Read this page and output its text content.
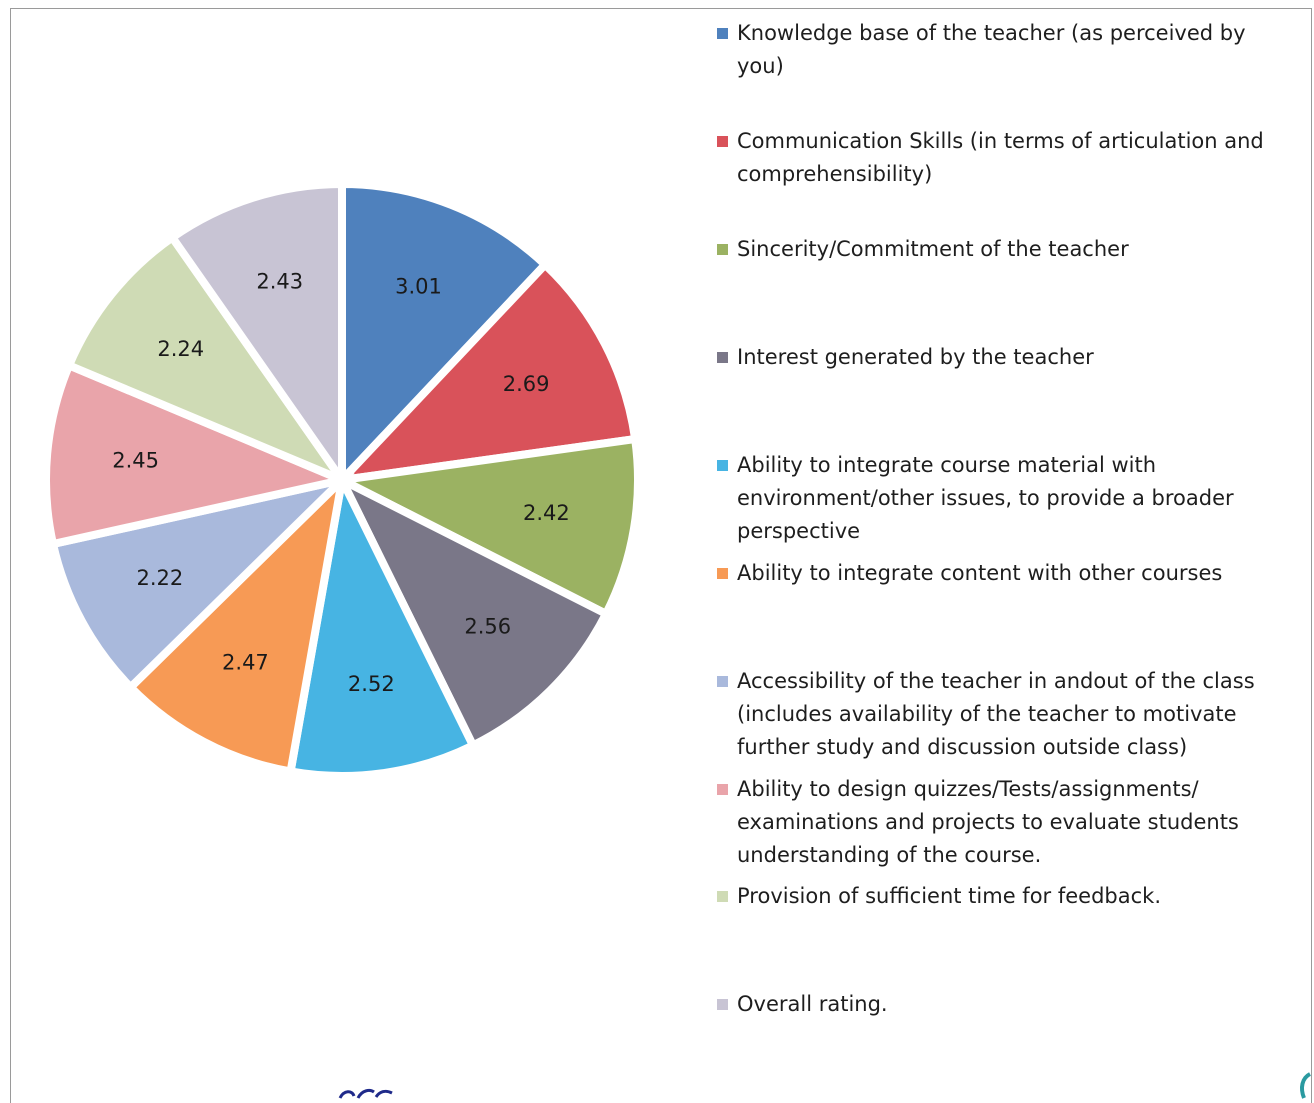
3.01
2.69
2.42
2.56
2.52
2.47
2.22
2.45
2.24
2.43
Knowledge base of the teacher (as perceived by you)
Communication Skills (in terms of articulation and comprehensibility)
Sincerity/Commitment of the teacher
Interest generated by the teacher
Ability to integrate course material with environment/other issues, to provide a broader perspective
Ability to integrate content with other courses
Accessibility of the teacher in andout of the class (includes availability of the teacher to motivate further study and discussion outside class)
Ability to design quizzes/Tests/assignments/ examinations and projects to evaluate students understanding of the course.
Provision of sufficient time for feedback.
Overall rating.
